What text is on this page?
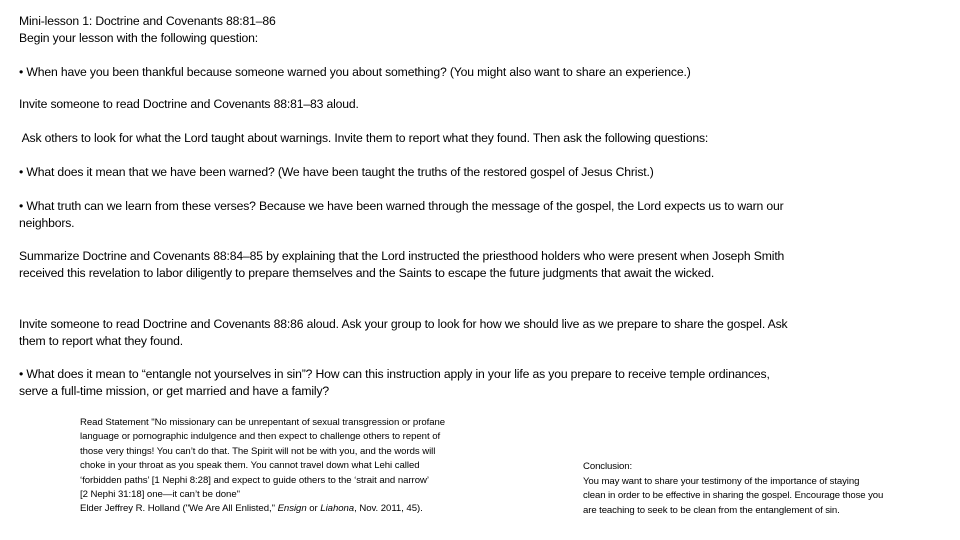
Mini-lesson 1: Doctrine and Covenants 88:81–86
Begin your lesson with the following question:
• When have you been thankful because someone warned you about something? (You might also want to share an experience.)
Invite someone to read Doctrine and Covenants 88:81–83 aloud.
Ask others to look for what the Lord taught about warnings. Invite them to report what they found. Then ask the following questions:
• What does it mean that we have been warned? (We have been taught the truths of the restored gospel of Jesus Christ.)
• What truth can we learn from these verses? Because we have been warned through the message of the gospel, the Lord expects us to warn our neighbors.
Summarize Doctrine and Covenants 88:84–85 by explaining that the Lord instructed the priesthood holders who were present when Joseph Smith received this revelation to labor diligently to prepare themselves and the Saints to escape the future judgments that await the wicked.
Invite someone to read Doctrine and Covenants 88:86 aloud. Ask your group to look for how we should live as we prepare to share the gospel. Ask them to report what they found.
• What does it mean to “entangle not yourselves in sin”? How can this instruction apply in your life as you prepare to receive temple ordinances, serve a full-time mission, or get married and have a family?
Read Statement "No missionary can be unrepentant of sexual transgression or profane
language or pornographic indulgence and then expect to challenge others to repent of
those very things! You can’t do that. The Spirit will not be with you, and the words will
choke in your throat as you speak them. You cannot travel down what Lehi called
‘forbidden paths’ [1 Nephi 8:28] and expect to guide others to the ‘strait and narrow’
[2 Nephi 31:18] one—it can’t be done"
Elder Jeffrey R. Holland ("We Are All Enlisted," Ensign or Liahona, Nov. 2011, 45).
Conclusion:
You may want to share your testimony of the importance of staying
clean in order to be effective in sharing the gospel. Encourage those you
are teaching to seek to be clean from the entanglement of sin.
